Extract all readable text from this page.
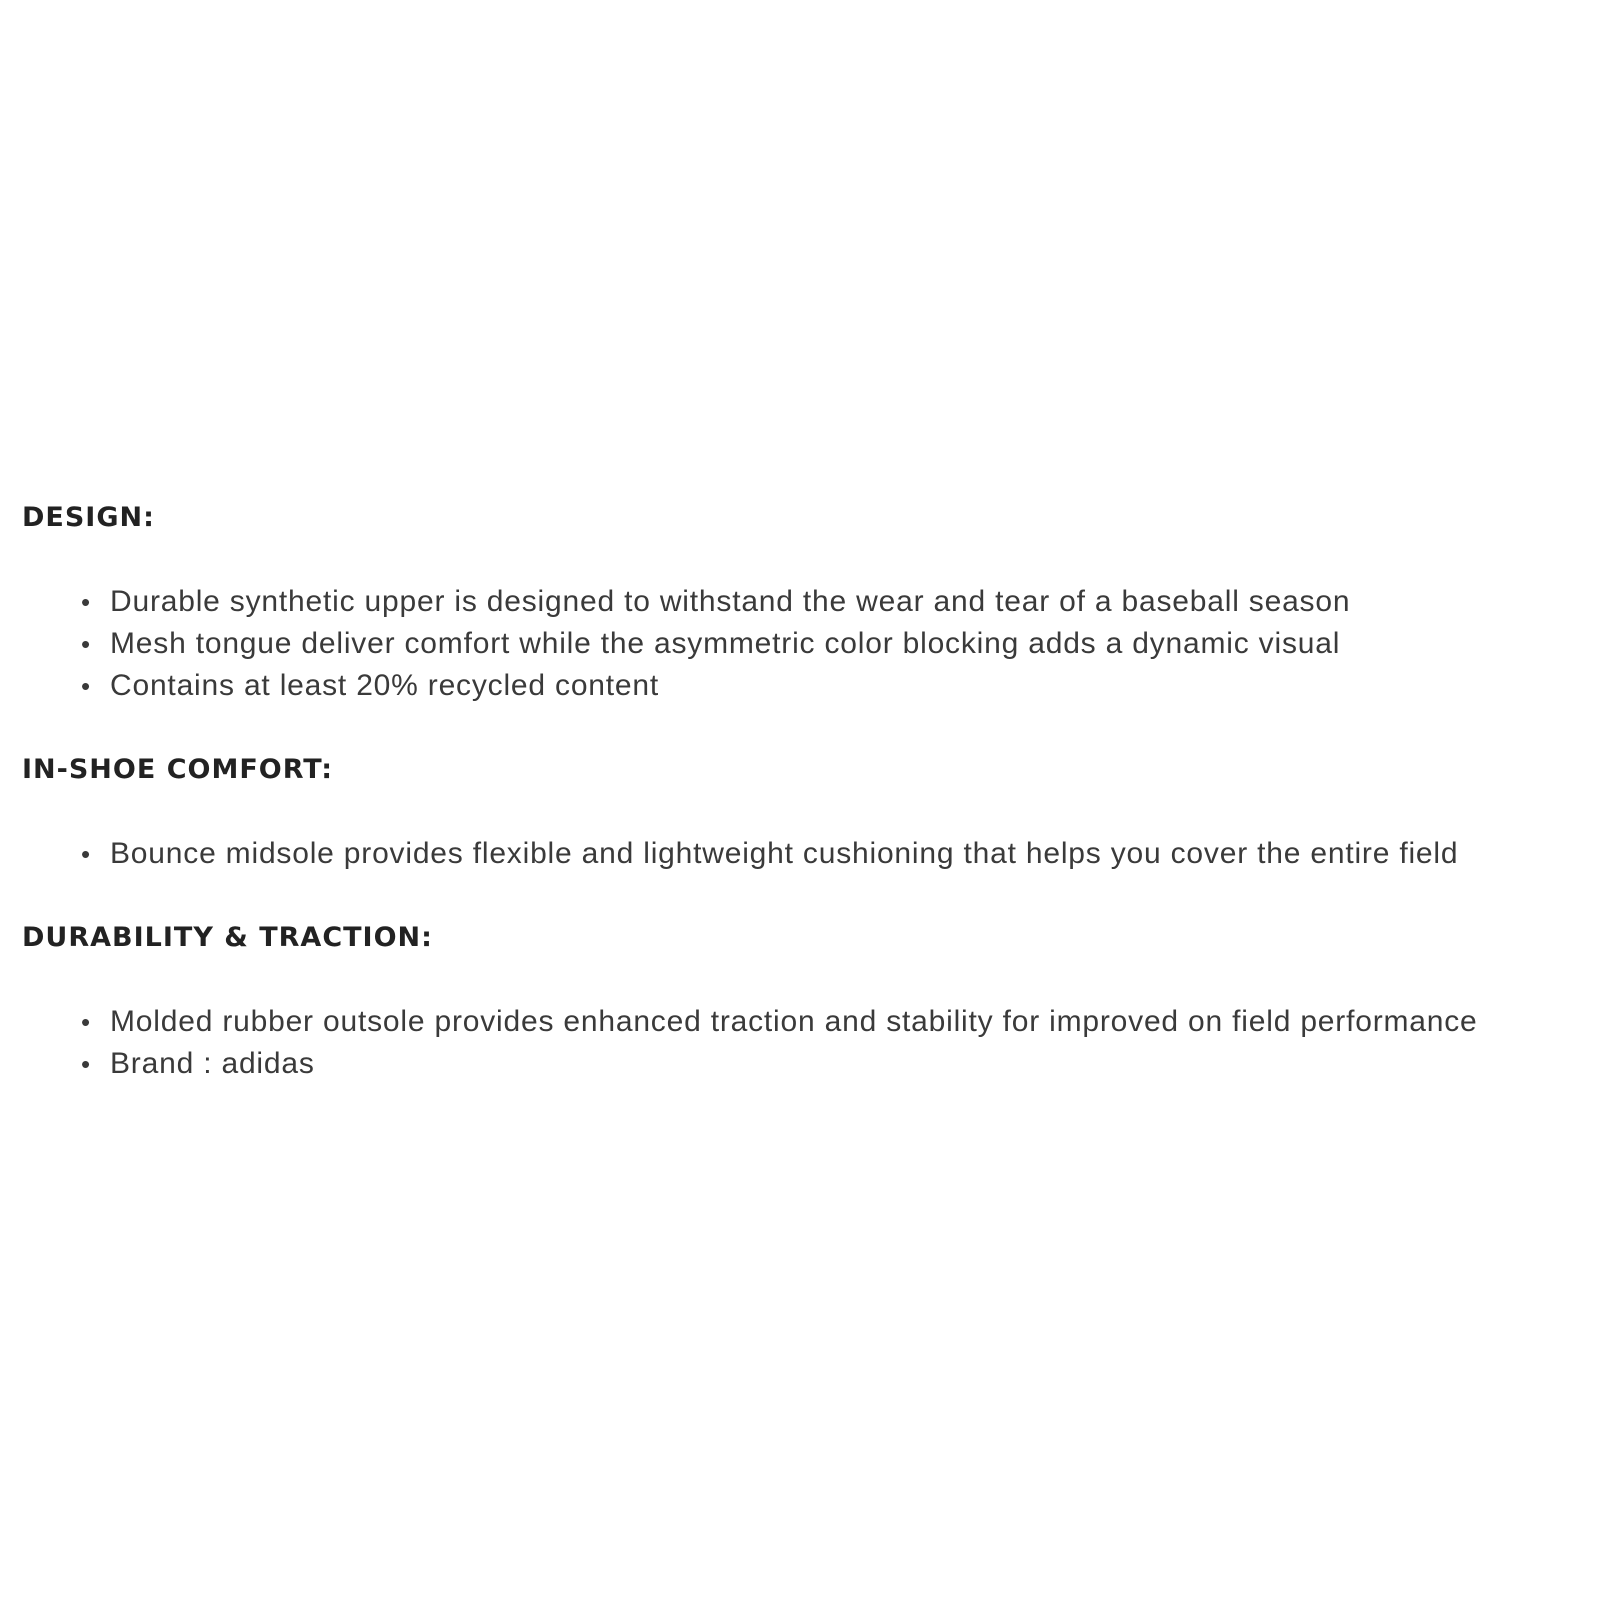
DESIGN:
• Durable synthetic upper is designed to withstand the wear and tear of a baseball season
• Mesh tongue deliver comfort while the asymmetric color blocking adds a dynamic visual
• Contains at least 20% recycled content
IN-SHOE COMFORT:
• Bounce midsole provides flexible and lightweight cushioning that helps you cover the entire field
DURABILITY & TRACTION:
• Molded rubber outsole provides enhanced traction and stability for improved on field performance
• Brand : adidas
